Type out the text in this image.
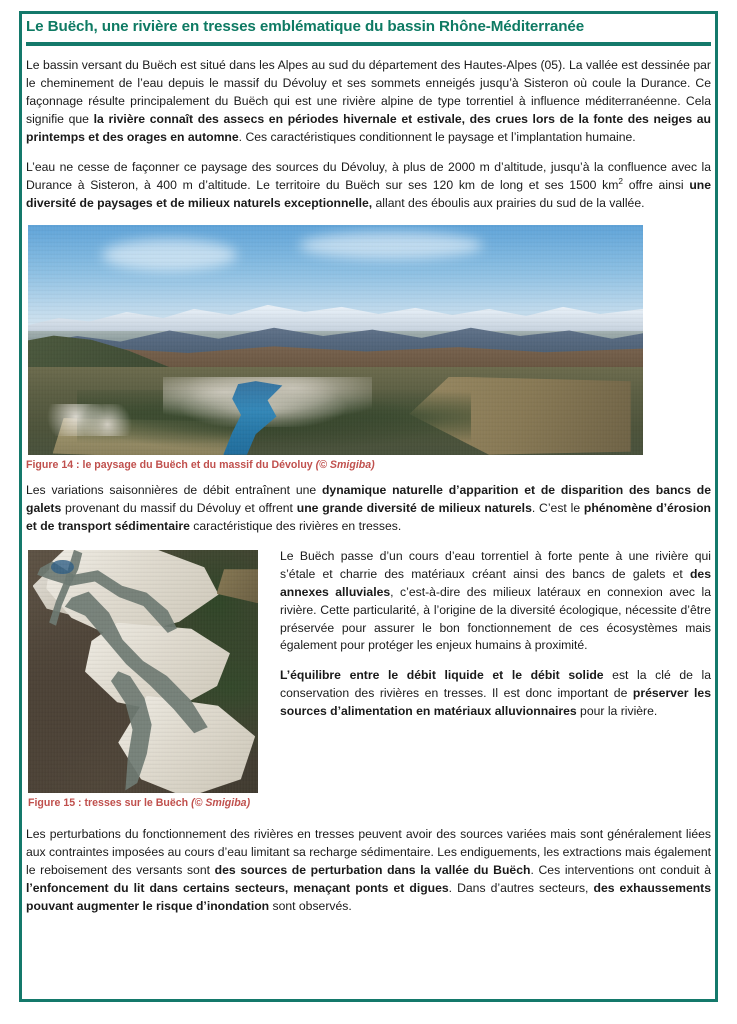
Le Buëch, une rivière en tresses emblématique du bassin Rhône-Méditerranée

Le bassin versant du Buëch est situé dans les Alpes au sud du département des Hautes-Alpes (05). La vallée est dessinée par le cheminement de l’eau depuis le massif du Dévoluy et ses sommets enneigés jusqu’à Sisteron où coule la Durance. Ce façonnage résulte principalement du Buëch qui est une rivière alpine de type torrentiel à influence méditerranéenne. Cela signifie que la rivière connaît des assecs en périodes hivernale et estivale, des crues lors de la fonte des neiges au printemps et des orages en automne. Ces caractéristiques conditionnent le paysage et l’implantation humaine.

L’eau ne cesse de façonner ce paysage des sources du Dévoluy, à plus de 2000 m d’altitude, jusqu’à la confluence avec la Durance à Sisteron, à 400 m d’altitude. Le territoire du Buëch sur ses 120 km de long et ses 1500 $km^2$ offre ainsi une diversité de paysages et de milieux naturels exceptionnelle, allant des éboulis aux prairies du sud de la vallée.

Figure 14 : le paysage du Buëch et du massif du Dévoluy (© Smigiba)

Les variations saisonnières de débit entraînent une dynamique naturelle d’apparition et de disparition des bancs de galets provenant du massif du Dévoluy et offrent une grande diversité de milieux naturels. C’est le phénomène d’érosion et de transport sédimentaire caractéristique des rivières en tresses.

Figure 15 : tresses sur le Buëch (© Smigiba)

Le Buëch passe d’un cours d’eau torrentiel à forte pente à une rivière qui s’étale et charrie des matériaux créant ainsi des bancs de galets et des annexes alluviales, c’est-à-dire des milieux latéraux en connexion avec la rivière. Cette particularité, à l’origine de la diversité écologique, nécessite d’être préservée pour assurer le bon fonctionnement de ces écosystèmes mais également pour protéger les enjeux humains à proximité.

L’équilibre entre le débit liquide et le débit solide est la clé de la conservation des rivières en tresses. Il est donc important de préserver les sources d’alimentation en matériaux alluvionnaires pour la rivière.

Les perturbations du fonctionnement des rivières en tresses peuvent avoir des sources variées mais sont généralement liées aux contraintes imposées au cours d’eau limitant sa recharge sédimentaire. Les endiguements, les extractions mais également le reboisement des versants sont des sources de perturbation dans la vallée du Buëch. Ces interventions ont conduit à l’enfoncement du lit dans certains secteurs, menaçant ponts et digues. Dans d’autres secteurs, des exhaussements pouvant augmenter le risque d’inondation sont observés.
